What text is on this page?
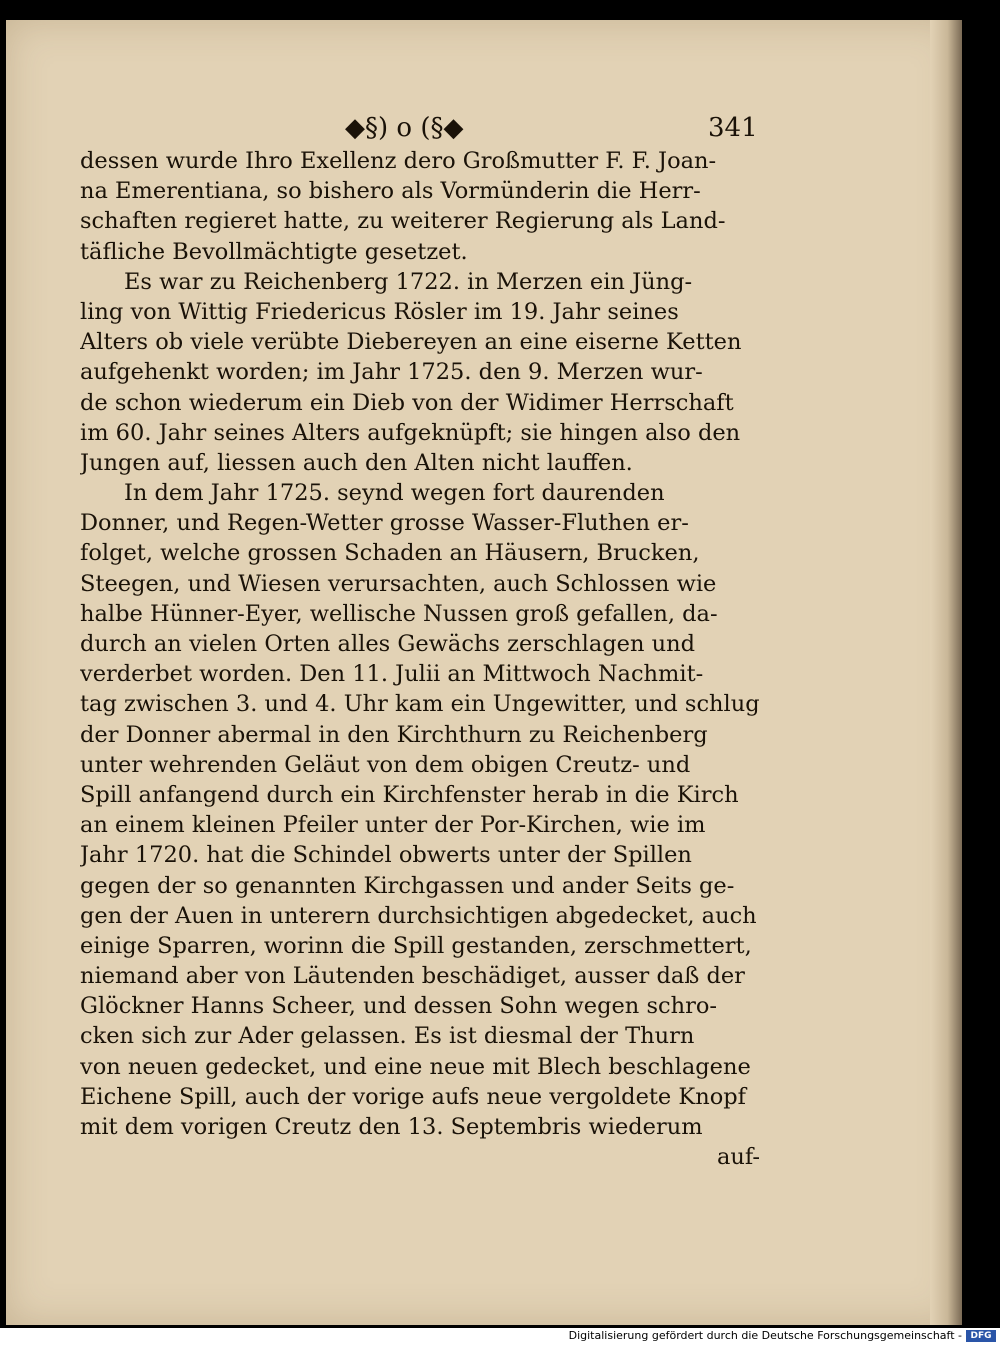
◆§) o (§◆	341
dessen wurde Ihro Exellenz dero Großmutter F. F. Joan-
na Emerentiana, so bishero als Vormünderin die Herr-
schaften regieret hatte, zu weiterer Regierung als Land-
täfliche Bevollmächtigte gesetzet.
Es war zu Reichenberg 1722. in Merzen ein Jüng-
ling von Wittig Friedericus Rösler im 19. Jahr seines
Alters ob viele verübte Diebereyen an eine eiserne Ketten
aufgehenkt worden; im Jahr 1725. den 9. Merzen wur-
de schon wiederum ein Dieb von der Widimer Herrschaft
im 60. Jahr seines Alters aufgeknüpft; sie hingen also den
Jungen auf, liessen auch den Alten nicht lauffen.
In dem Jahr 1725. seynd wegen fort daurenden
Donner, und Regen-Wetter grosse Wasser-Fluthen er-
folget, welche grossen Schaden an Häusern, Brucken,
Steegen, und Wiesen verursachten, auch Schlossen wie
halbe Hünner-Eyer, wellische Nussen groß gefallen, da-
durch an vielen Orten alles Gewächs zerschlagen und
verderbet worden. Den 11. Julii an Mittwoch Nachmit-
tag zwischen 3. und 4. Uhr kam ein Ungewitter, und schlug
der Donner abermal in den Kirchthurn zu Reichenberg
unter wehrenden Geläut von dem obigen Creutz- und
Spill anfangend durch ein Kirchfenster herab in die Kirch
an einem kleinen Pfeiler unter der Por-Kirchen, wie im
Jahr 1720. hat die Schindel obwerts unter der Spillen
gegen der so genannten Kirchgassen und ander Seits ge-
gen der Auen in unterern durchsichtigen abgedecket, auch
einige Sparren, worinn die Spill gestanden, zerschmettert,
niemand aber von Läutenden beschädiget, ausser daß der
Glöckner Hanns Scheer, und dessen Sohn wegen schro-
cken sich zur Ader gelassen. Es ist diesmal der Thurn
von neuen gedecket, und eine neue mit Blech beschlagene
Eichene Spill, auch der vorige aufs neue vergoldete Knopf
mit dem vorigen Creutz den 13. Septembris wiederum
auf-
Digitalisierung gefördert durch die Deutsche Forschungsgemeinschaft - DFG
